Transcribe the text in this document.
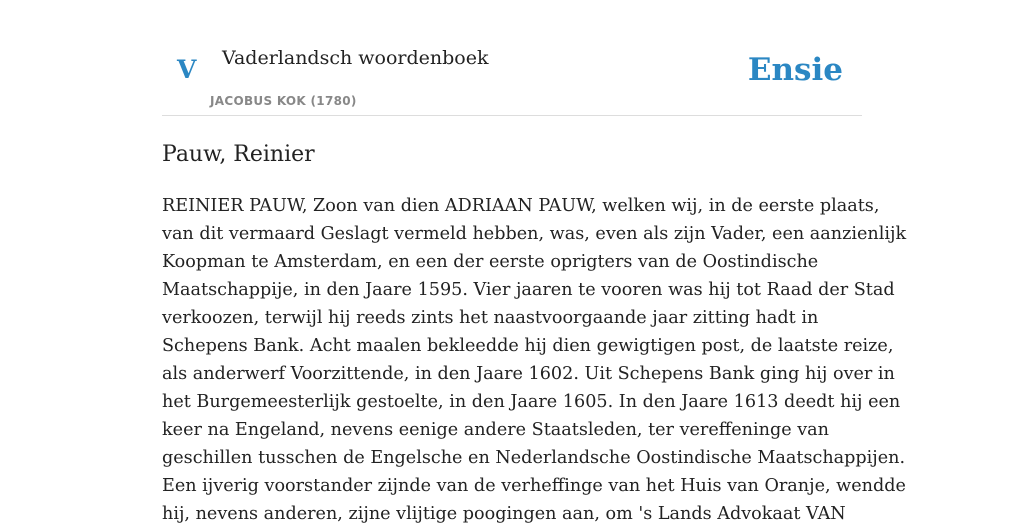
V Vaderlandsch woordenboek
JACOBUS KOK (1780)
Ensie
Pauw, Reinier

REINIER PAUW, Zoon van dien ADRIAAN PAUW, welken wij, in de eerste plaats,
van dit vermaard Geslagt vermeld hebben, was, even als zijn Vader, een aanzienlijk
Koopman te Amsterdam, en een der eerste oprigters van de Oostindische
Maatschappije, in den Jaare 1595. Vier jaaren te vooren was hij tot Raad der Stad
verkoozen, terwijl hij reeds zints het naastvoorgaande jaar zitting hadt in
Schepens Bank. Acht maalen bekleedde hij dien gewigtigen post, de laatste reize,
als anderwerf Voorzittende, in den Jaare 1602. Uit Schepens Bank ging hij over in
het Burgemeesterlijk gestoelte, in den Jaare 1605. In den Jaare 1613 deedt hij een
keer na Engeland, nevens eenige andere Staatsleden, ter vereffeninge van
geschillen tusschen de Engelsche en Nederlandsche Oostindische Maatschappijen.
Een ijverig voorstander zijnde van de verheffinge van het Huis van Oranje, wendde
hij, nevens anderen, zijne vlijtige poogingen aan, om 's Lands Advokaat VAN
